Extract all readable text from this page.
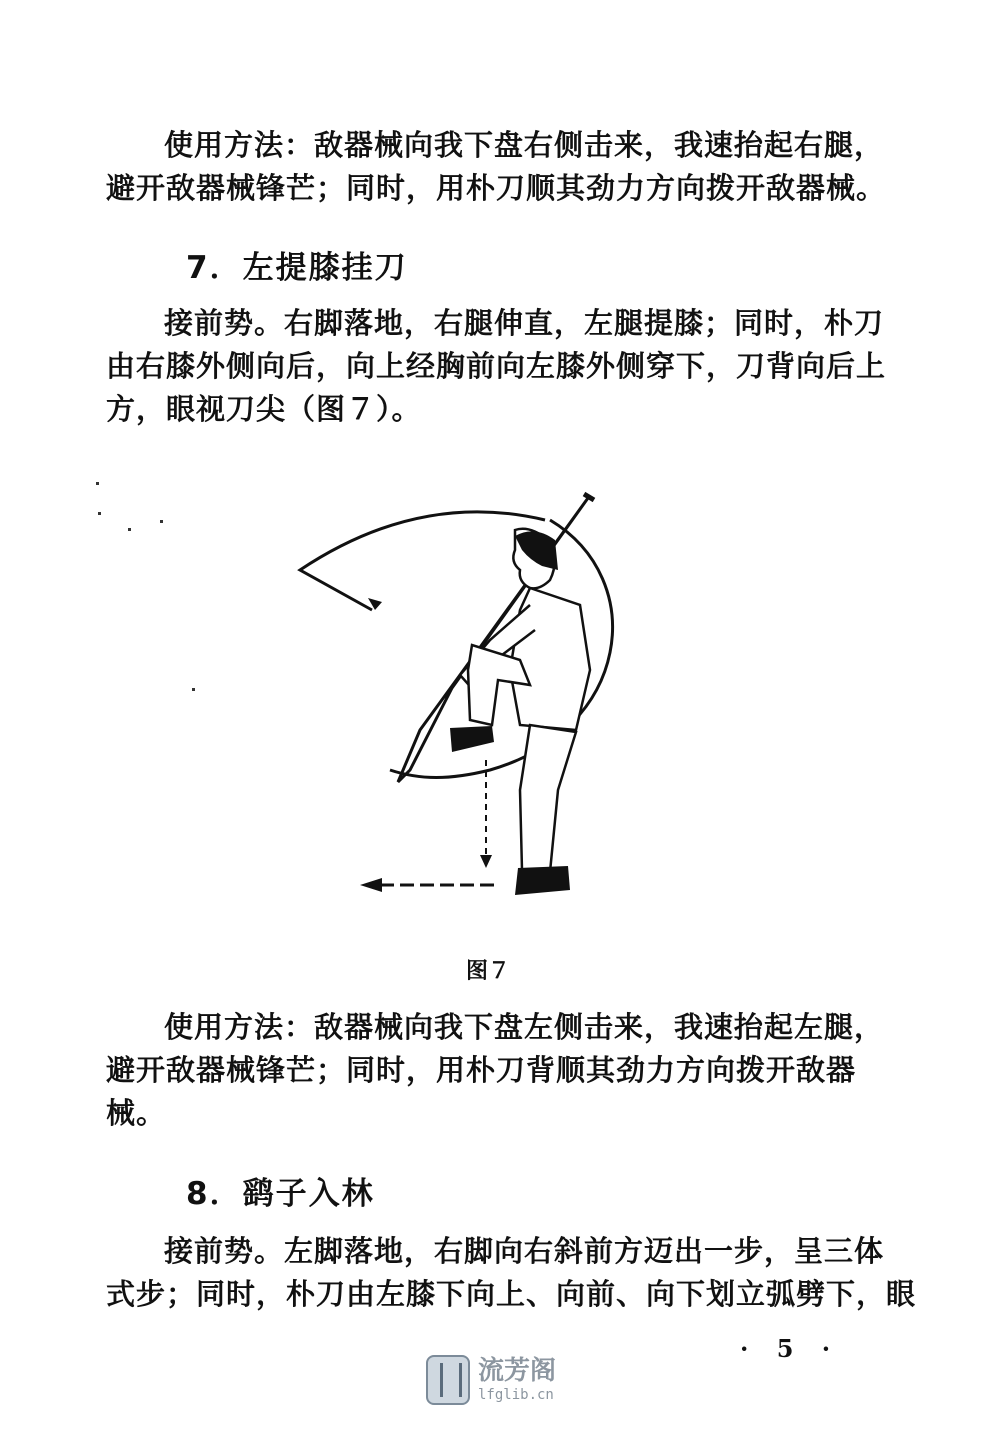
使用方法：敌器械向我下盘右侧击来，我速抬起右腿，
避开敌器械锋芒；同时，用朴刀顺其劲力方向拨开敌器械。
7．左提膝挂刀
接前势。右脚落地，右腿伸直，左腿提膝；同时，朴刀
由右膝外侧向后，向上经胸前向左膝外侧穿下，刀背向后上
方，眼视刀尖（图７）。
图７
使用方法：敌器械向我下盘左侧击来，我速抬起左腿，
避开敌器械锋芒；同时，用朴刀背顺其劲力方向拨开敌器
械。
8．鹞子入林
接前势。左脚落地，右脚向右斜前方迈出一步，呈三体
式步；同时，朴刀由左膝下向上、向前、向下划立弧劈下，眼
· 5 ·
流芳阁
lfglib.cn
